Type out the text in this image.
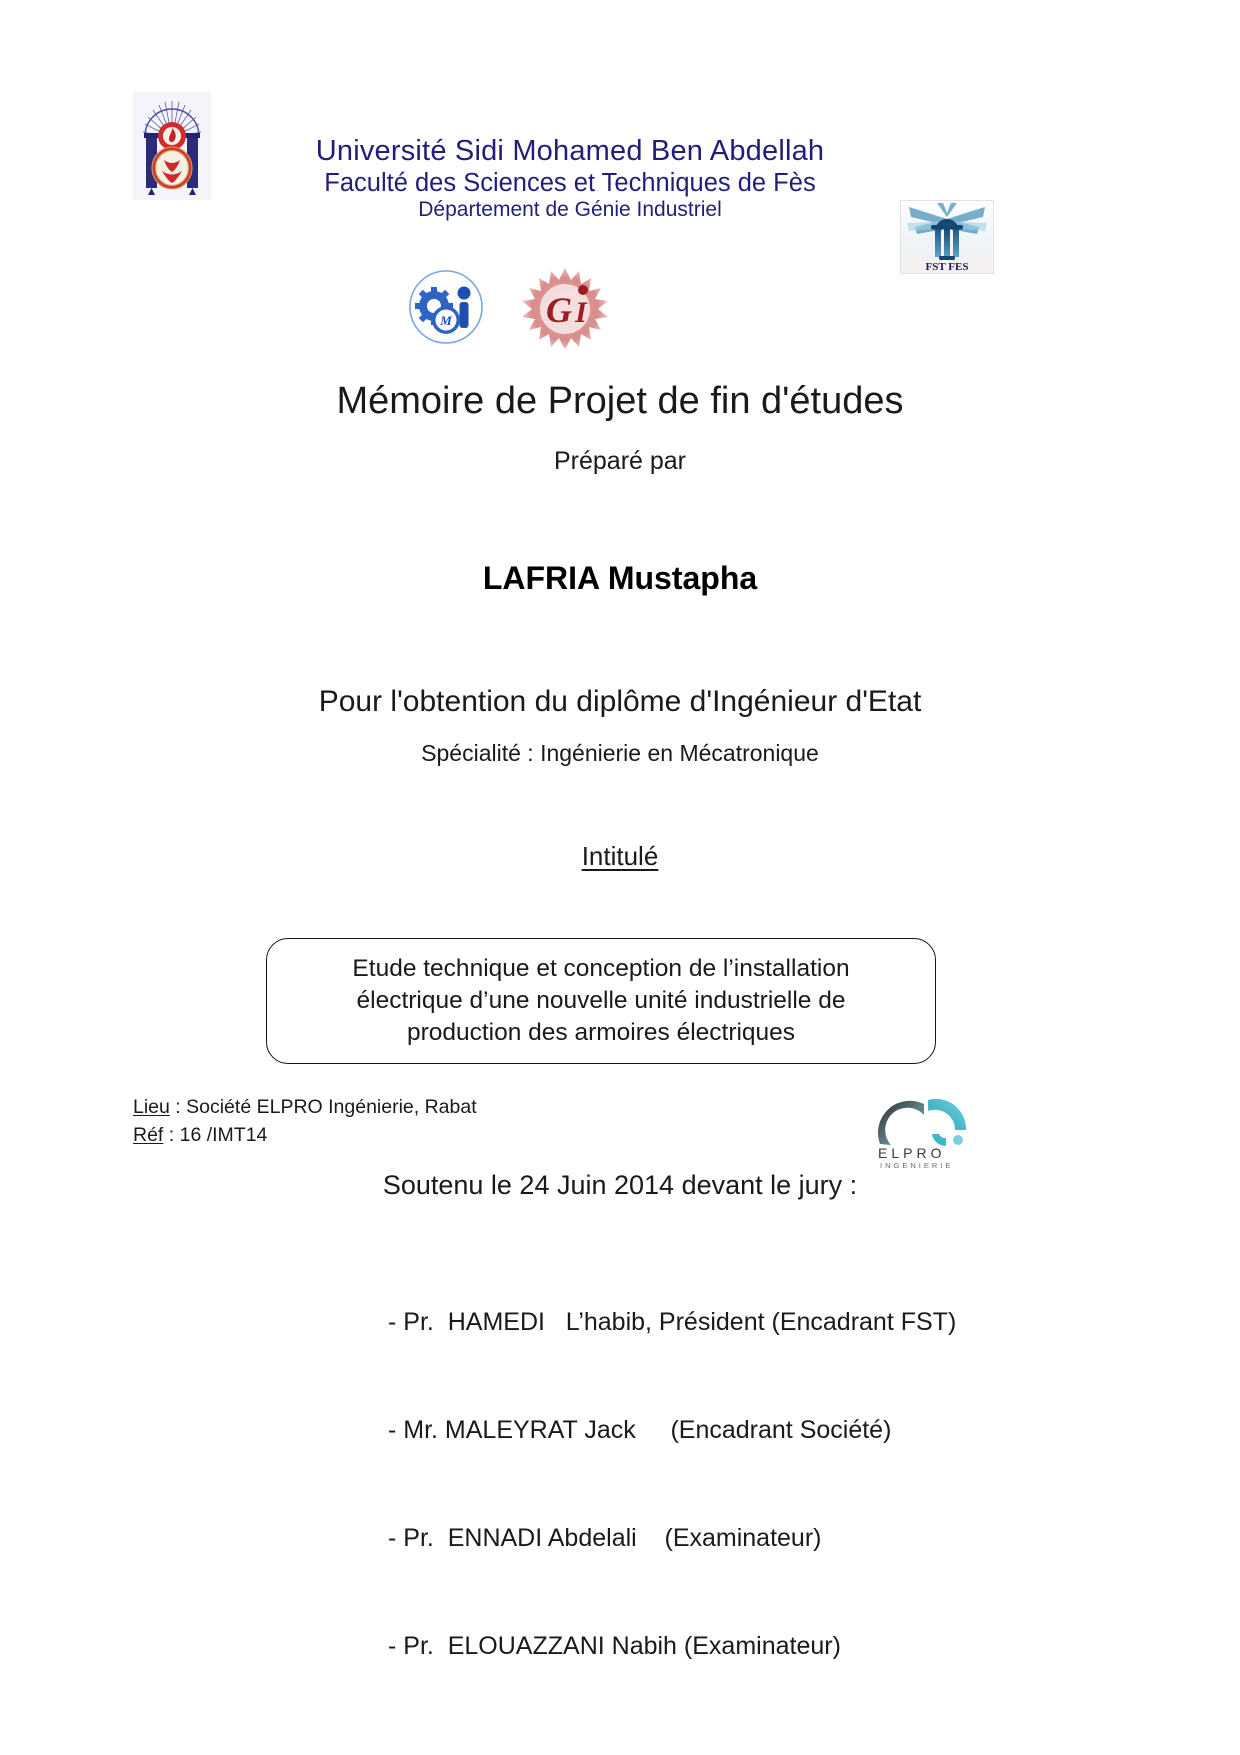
Université Sidi Mohamed Ben Abdellah
Faculté des Sciences et Techniques de Fès
Département de Génie Industriel
FST FES
M	G I
Mémoire de Projet de fin d'études
Préparé par
LAFRIA Mustapha
Pour l'obtention du diplôme d'Ingénieur d'Etat
Spécialité : Ingénierie en Mécatronique
Intitulé
Etude technique et conception de l’installation
électrique d’une nouvelle unité industrielle de
production des armoires électriques
Lieu : Société ELPRO Ingénierie, Rabat
Réf : 16 /IMT14
ELPRO
INGENIERIE
Soutenu le 24 Juin 2014 devant le jury :

- Pr.  HAMEDI   L’habib, Président (Encadrant FST)

- Mr. MALEYRAT Jack     (Encadrant Société)

- Pr.  ENNADI Abdelali    (Examinateur)

- Pr.  ELOUAZZANI Nabih (Examinateur)
